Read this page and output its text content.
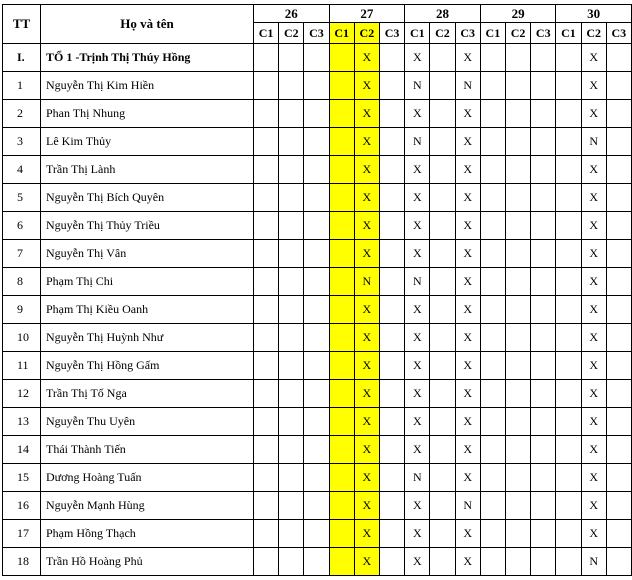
TT	Họ và tên	26			27			28			29			30		
		C1	C2	C3	C1	C2	C3	C1	C2	C3	C1	C2	C3	C1	C2	C3
I.	TỔ 1 -Trịnh Thị Thúy Hồng					X		X		X					X	
1	Nguyễn Thị Kim Hiền					X		N		N					X	
2	Phan Thị Nhung					X		X		X					X	
3	Lê Kim Thủy					X		N		X					N	
4	Trần Thị Lành					X		X		X					X	
5	Nguyễn Thị Bích Quyên					X		X		X					X	
6	Nguyễn Thị Thủy Triều					X		X		X					X	
7	Nguyễn Thị Vân					X		X		X					X	
8	Phạm Thị Chi					N		N		X					X	
9	Phạm Thị Kiều Oanh					X		X		X					X	
10	Nguyễn Thị Huỳnh Như					X		X		X					X	
11	Nguyễn Thị Hồng Gấm					X		X		X					X	
12	Trần Thị Tố Nga					X		X		X					X	
13	Nguyễn Thu Uyên					X		X		X					X	
14	Thái Thành Tiến					X		X		X					X	
15	Dương Hoàng Tuấn					X		N		X					X	
16	Nguyễn Mạnh Hùng					X		X		N					X	
17	Phạm Hồng Thạch					X		X		X					X	
18	Trần Hồ Hoàng Phủ					X		X		X					N	
